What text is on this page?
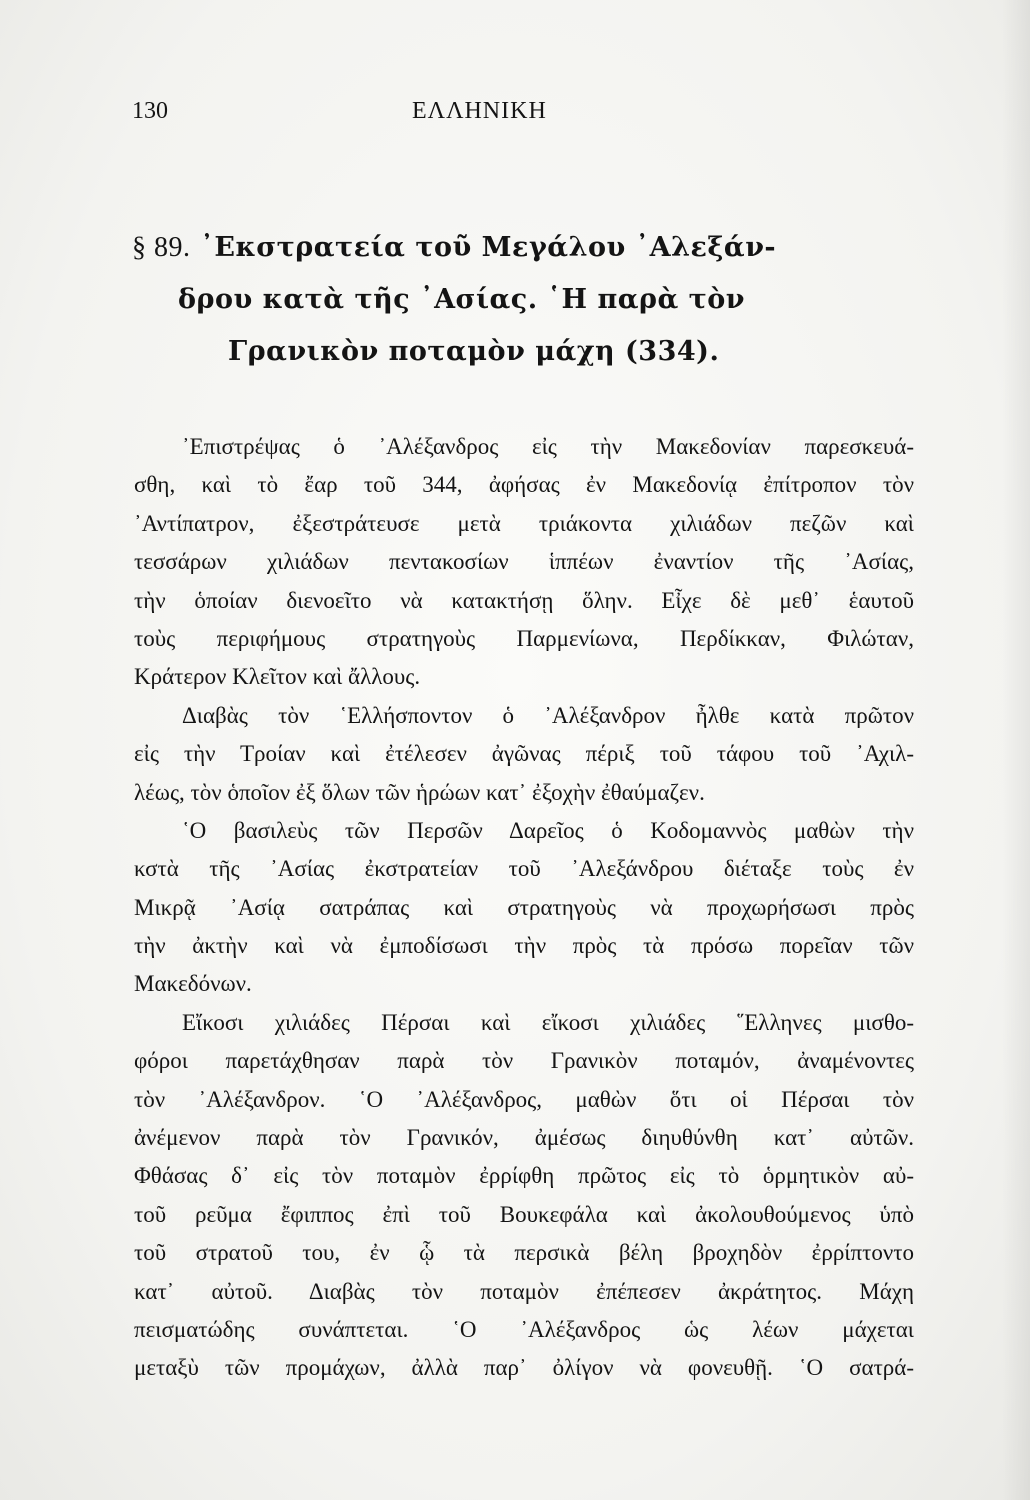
130	ΕΛΛΗΝΙΚΗ
§ 89. ᾿Εκστρατεία τοῦ Μεγάλου ᾿Αλεξάν-
δρου κατὰ τῆς ᾿Ασίας. ῾Η παρὰ τὸν
Γρανικὸν ποταμὸν μάχη (334).
᾿Επιστρέψας ὁ ᾿Αλέξανδρος εἰς τὴν Μακεδονίαν παρεσκευά-
σθη, καὶ τὸ ἔαρ τοῦ 344, ἀφήσας ἐν Μακεδονίᾳ ἐπίτροπον τὸν
᾿Αντίπατρον, ἐξεστράτευσε μετὰ τριάκοντα χιλιάδων πεζῶν καὶ
τεσσάρων χιλιάδων πεντακοσίων ἱππέων ἐναντίον τῆς ᾿Ασίας,
τὴν ὁποίαν διενοεῖτο νὰ κατακτήσῃ ὅλην. Εἶχε δὲ μεθ᾿ ἑαυτοῦ
τοὺς περιφήμους στρατηγοὺς Παρμενίωνα, Περδίκκαν, Φιλώταν,
Κράτερον Κλεῖτον καὶ ἄλλους.
Διαβὰς τὸν ῾Ελλήσποντον ὁ ᾿Αλέξανδρον ἦλθε κατὰ πρῶτον
εἰς τὴν Τροίαν καὶ ἐτέλεσεν ἀγῶνας πέριξ τοῦ τάφου τοῦ ᾿Αχιλ-
λέως, τὸν ὁποῖον ἐξ ὅλων τῶν ἡρώων κατ᾿ ἐξοχὴν ἐθαύμαζεν.
῾Ο βασιλεὺς τῶν Περσῶν Δαρεῖος ὁ Κοδομαννὸς μαθὼν τὴν
κστὰ τῆς ᾿Ασίας ἐκστρατείαν τοῦ ᾿Αλεξάνδρου διέταξε τοὺς ἐν
Μικρᾷ ᾿Ασίᾳ σατράπας καὶ στρατηγοὺς νὰ προχωρήσωσι πρὸς
τὴν ἀκτὴν καὶ νὰ ἐμποδίσωσι τὴν πρὸς τὰ πρόσω πορεῖαν τῶν
Μακεδόνων.
Εἴκοσι χιλιάδες Πέρσαι καὶ εἴκοσι χιλιάδες ῞Ελληνες μισθο-
φόροι παρετάχθησαν παρὰ τὸν Γρανικὸν ποταμόν, ἀναμένοντες
τὸν ᾿Αλέξανδρον. ῾Ο ᾿Αλέξανδρος, μαθὼν ὅτι οἱ Πέρσαι τὸν
ἀνέμενον παρὰ τὸν Γρανικόν, ἀμέσως διηυθύνθη κατ᾿ αὐτῶν.
Φθάσας δ᾿ εἰς τὸν ποταμὸν ἐρρίφθη πρῶτος εἰς τὸ ὁρμητικὸν αὐ-
τοῦ ρεῦμα ἔφιππος ἐπὶ τοῦ Βουκεφάλα καὶ ἀκολουθούμενος ὑπὸ
τοῦ στρατοῦ του, ἐν ᾧ τὰ περσικὰ βέλη βροχηδὸν ἐρρίπτοντο
κατ᾿ αὐτοῦ. Διαβὰς τὸν ποταμὸν ἐπέπεσεν ἀκράτητος. Μάχη
πεισματώδης συνάπτεται. ῾Ο ᾿Αλέξανδρος ὡς λέων μάχεται
μεταξὺ τῶν προμάχων, ἀλλὰ παρ᾿ ὀλίγον νὰ φονευθῇ. ῾Ο σατρά-
